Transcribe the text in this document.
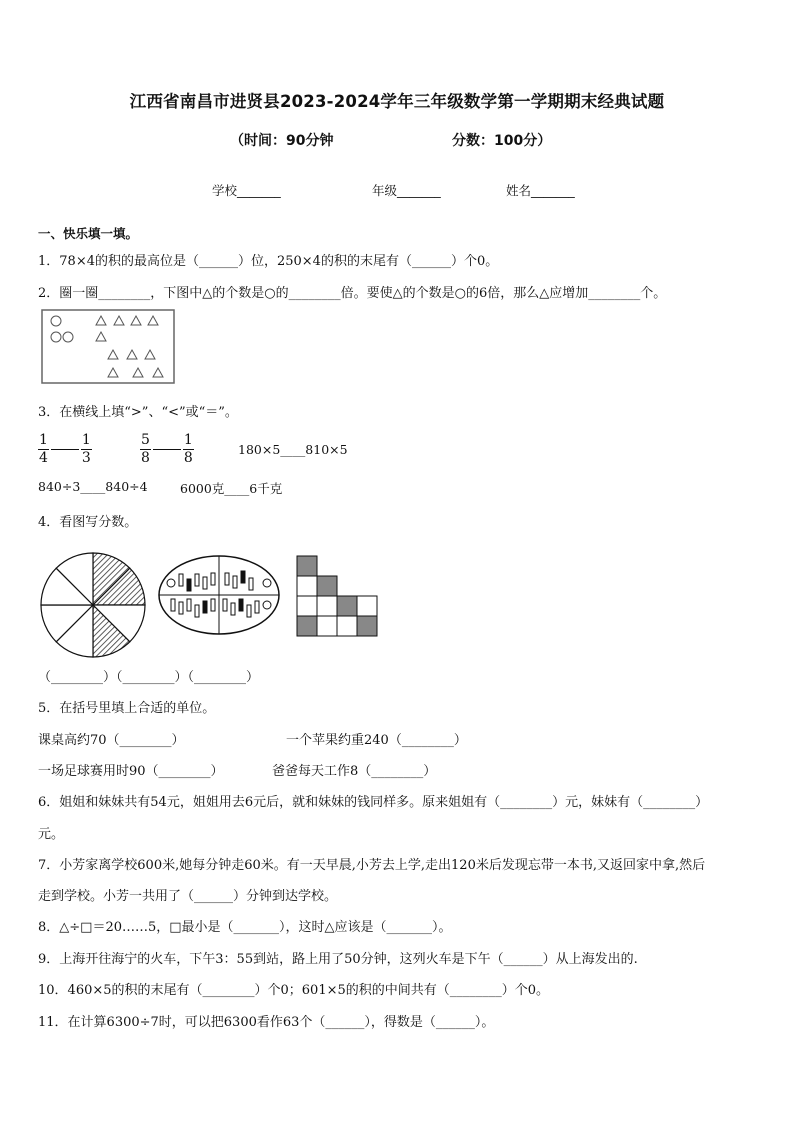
江西省南昌市进贤县2023-2024学年三年级数学第一学期期末经典试题
（时间：90分钟	分数：100分）
学校_______	年级_______	姓名_______
一、快乐填一填。
1．78×4的积的最高位是（______）位，250×4的积的末尾有（______）个0。
2．圈一圈________，下图中△的个数是○的________倍。要使△的个数是○的6倍，那么△应增加________个。
3．在横线上填“>”、“<”或“＝”。
$\frac{1}{4} \frac{1}{3}$	$\frac{5}{8} \frac{1}{8}$	180×5____810×5
840÷3____840÷4	6000克____6千克
4．看图写分数。
（________）（________）（________）
5．在括号里填上合适的单位。
课桌高约70（________）	一个苹果约重240（________）
一场足球赛用时90（________）	爸爸每天工作8（________）
6．姐姐和妹妹共有54元，姐姐用去6元后，就和妹妹的钱同样多。原来姐姐有（________）元，妹妹有（________）
元。
7．小芳家离学校600米,她每分钟走60米。有一天早晨,小芳去上学,走出120米后发现忘带一本书,又返回家中拿,然后
走到学校。小芳一共用了（______）分钟到达学校。
8．△÷□＝20……5，□最小是（_______），这时△应该是（_______）。
9．上海开往海宁的火车，下午3：55到站，路上用了50分钟，这列火车是下午（______）从上海发出的.
10．460×5的积的末尾有（________）个0；601×5的积的中间共有（________）个0。
11．在计算6300÷7时，可以把6300看作63个（______），得数是（______）。
